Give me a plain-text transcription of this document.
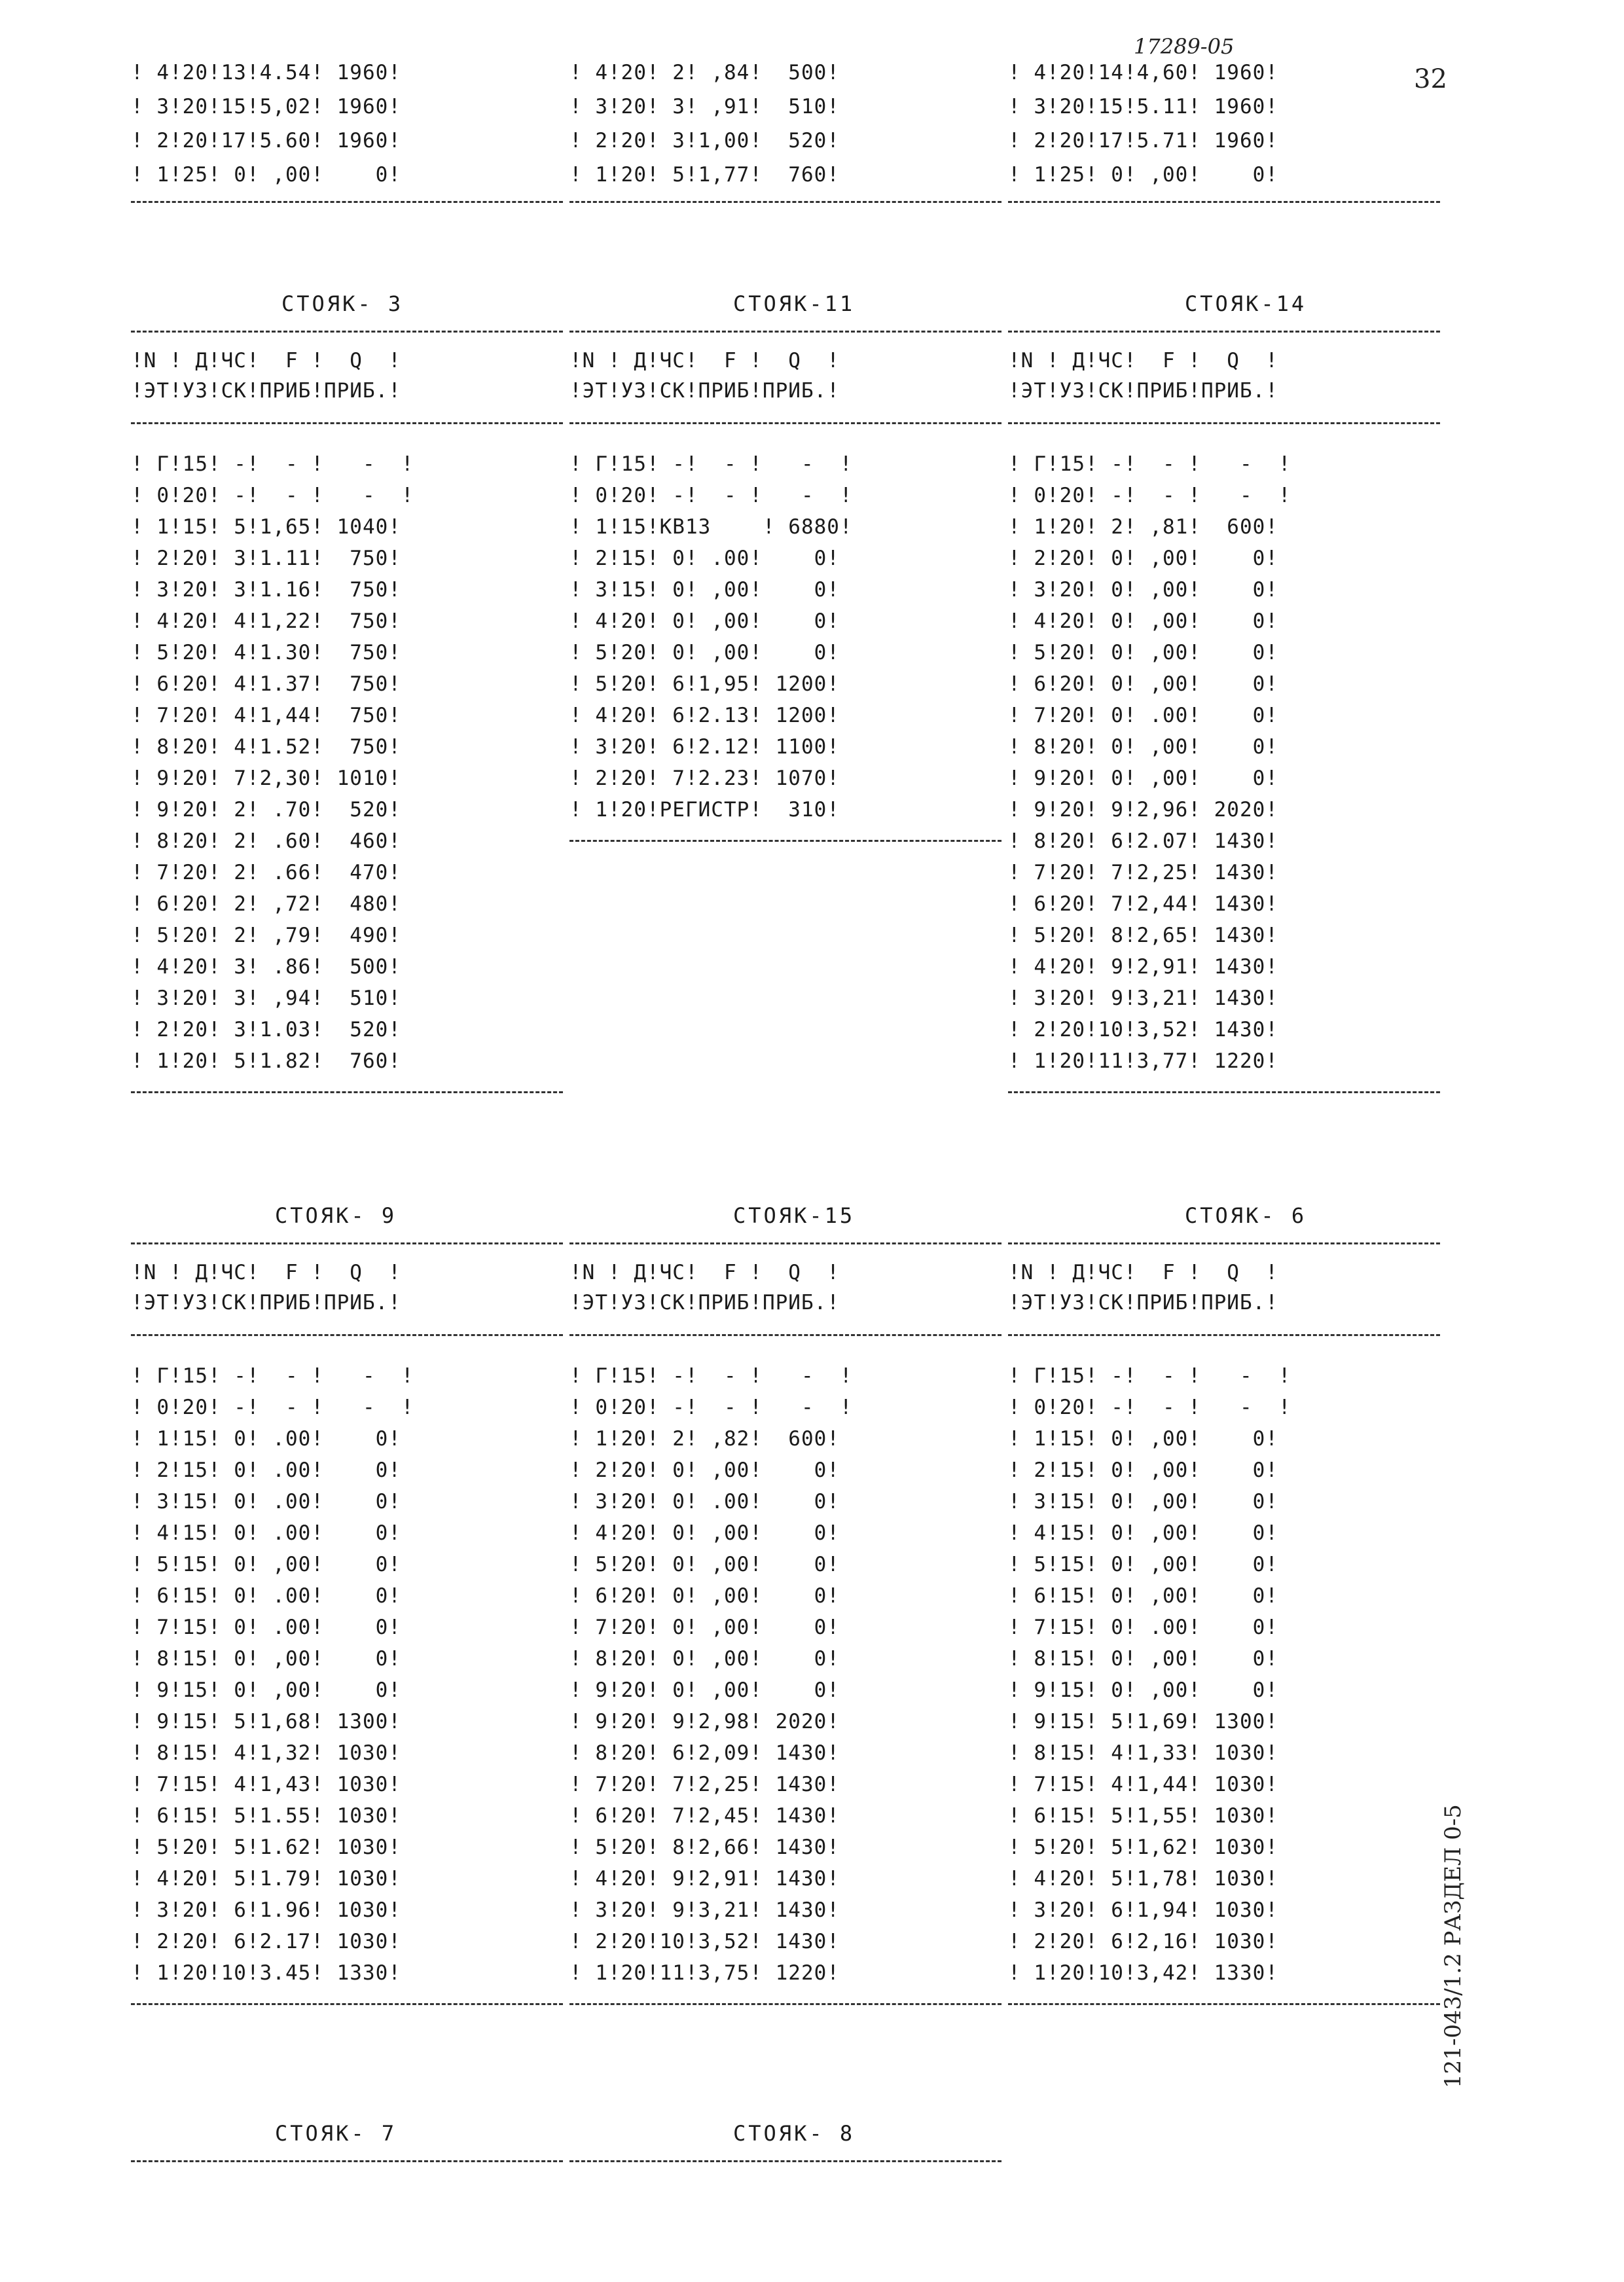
17289-05
32
121-043/1.2 РАЗДЕЛ 0-5
! 4!20!13!4.54! 1960!
! 3!20!15!5,02! 1960!
! 2!20!17!5.60! 1960!
! 1!25! 0! ,00!    0!
! 4!20! 2! ,84!  500!
! 3!20! 3! ,91!  510!
! 2!20! 3!1,00!  520!
! 1!20! 5!1,77!  760!
! 4!20!14!4,60! 1960!
! 3!20!15!5.11! 1960!
! 2!20!17!5.71! 1960!
! 1!25! 0! ,00!    0!
СТОЯК- 3
!N ! Д!ЧС!  F !  Q  !
!ЭТ!УЗ!СК!ПРИБ!ПРИБ.!
! Г!15! -!  - !   -  !
! 0!20! -!  - !   -  !
! 1!15! 5!1,65! 1040!
! 2!20! 3!1.11!  750!
! 3!20! 3!1.16!  750!
! 4!20! 4!1,22!  750!
! 5!20! 4!1.30!  750!
! 6!20! 4!1.37!  750!
! 7!20! 4!1,44!  750!
! 8!20! 4!1.52!  750!
! 9!20! 7!2,30! 1010!
! 9!20! 2! .70!  520!
! 8!20! 2! .60!  460!
! 7!20! 2! .66!  470!
! 6!20! 2! ,72!  480!
! 5!20! 2! ,79!  490!
! 4!20! 3! .86!  500!
! 3!20! 3! ,94!  510!
! 2!20! 3!1.03!  520!
! 1!20! 5!1.82!  760!
СТОЯК-11
!N ! Д!ЧС!  F !  Q  !
!ЭТ!УЗ!СК!ПРИБ!ПРИБ.!
! Г!15! -!  - !   -  !
! 0!20! -!  - !   -  !
! 1!15!КВ13    ! 6880!
! 2!15! 0! .00!    0!
! 3!15! 0! ,00!    0!
! 4!20! 0! ,00!    0!
! 5!20! 0! ,00!    0!
! 5!20! 6!1,95! 1200!
! 4!20! 6!2.13! 1200!
! 3!20! 6!2.12! 1100!
! 2!20! 7!2.23! 1070!
! 1!20!РЕГИСТР!  310!
СТОЯК-14
!N ! Д!ЧС!  F !  Q  !
!ЭТ!УЗ!СК!ПРИБ!ПРИБ.!
! Г!15! -!  - !   -  !
! 0!20! -!  - !   -  !
! 1!20! 2! ,81!  600!
! 2!20! 0! ,00!    0!
! 3!20! 0! ,00!    0!
! 4!20! 0! ,00!    0!
! 5!20! 0! ,00!    0!
! 6!20! 0! ,00!    0!
! 7!20! 0! .00!    0!
! 8!20! 0! ,00!    0!
! 9!20! 0! ,00!    0!
! 9!20! 9!2,96! 2020!
! 8!20! 6!2.07! 1430!
! 7!20! 7!2,25! 1430!
! 6!20! 7!2,44! 1430!
! 5!20! 8!2,65! 1430!
! 4!20! 9!2,91! 1430!
! 3!20! 9!3,21! 1430!
! 2!20!10!3,52! 1430!
! 1!20!11!3,77! 1220!
СТОЯК- 9
!N ! Д!ЧС!  F !  Q  !
!ЭТ!УЗ!СК!ПРИБ!ПРИБ.!
! Г!15! -!  - !   -  !
! 0!20! -!  - !   -  !
! 1!15! 0! .00!    0!
! 2!15! 0! .00!    0!
! 3!15! 0! .00!    0!
! 4!15! 0! .00!    0!
! 5!15! 0! ,00!    0!
! 6!15! 0! .00!    0!
! 7!15! 0! .00!    0!
! 8!15! 0! ,00!    0!
! 9!15! 0! ,00!    0!
! 9!15! 5!1,68! 1300!
! 8!15! 4!1,32! 1030!
! 7!15! 4!1,43! 1030!
! 6!15! 5!1.55! 1030!
! 5!20! 5!1.62! 1030!
! 4!20! 5!1.79! 1030!
! 3!20! 6!1.96! 1030!
! 2!20! 6!2.17! 1030!
! 1!20!10!3.45! 1330!
СТОЯК-15
!N ! Д!ЧС!  F !  Q  !
!ЭТ!УЗ!СК!ПРИБ!ПРИБ.!
! Г!15! -!  - !   -  !
! 0!20! -!  - !   -  !
! 1!20! 2! ,82!  600!
! 2!20! 0! ,00!    0!
! 3!20! 0! .00!    0!
! 4!20! 0! ,00!    0!
! 5!20! 0! ,00!    0!
! 6!20! 0! ,00!    0!
! 7!20! 0! ,00!    0!
! 8!20! 0! ,00!    0!
! 9!20! 0! ,00!    0!
! 9!20! 9!2,98! 2020!
! 8!20! 6!2,09! 1430!
! 7!20! 7!2,25! 1430!
! 6!20! 7!2,45! 1430!
! 5!20! 8!2,66! 1430!
! 4!20! 9!2,91! 1430!
! 3!20! 9!3,21! 1430!
! 2!20!10!3,52! 1430!
! 1!20!11!3,75! 1220!
СТОЯК- 6
!N ! Д!ЧС!  F !  Q  !
!ЭТ!УЗ!СК!ПРИБ!ПРИБ.!
! Г!15! -!  - !   -  !
! 0!20! -!  - !   -  !
! 1!15! 0! ,00!    0!
! 2!15! 0! ,00!    0!
! 3!15! 0! ,00!    0!
! 4!15! 0! ,00!    0!
! 5!15! 0! ,00!    0!
! 6!15! 0! ,00!    0!
! 7!15! 0! .00!    0!
! 8!15! 0! ,00!    0!
! 9!15! 0! ,00!    0!
! 9!15! 5!1,69! 1300!
! 8!15! 4!1,33! 1030!
! 7!15! 4!1,44! 1030!
! 6!15! 5!1,55! 1030!
! 5!20! 5!1,62! 1030!
! 4!20! 5!1,78! 1030!
! 3!20! 6!1,94! 1030!
! 2!20! 6!2,16! 1030!
! 1!20!10!3,42! 1330!
СТОЯК- 7	СТОЯК- 8
